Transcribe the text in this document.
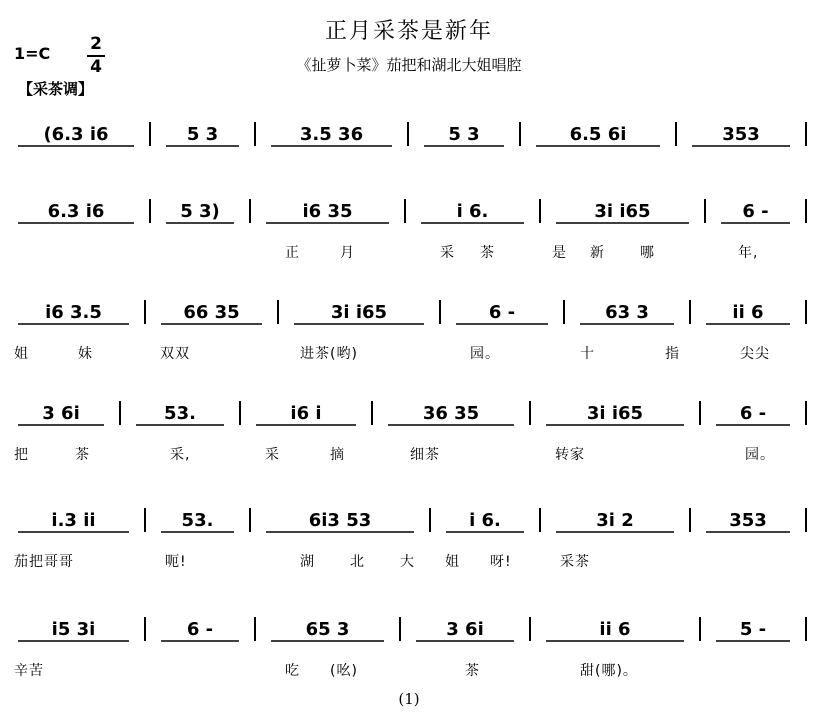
正月采茶是新年
《扯萝卜菜》茄把和湖北大姐唱腔
1=C 2
4
【采茶调】
(1)
(6.3 i6	5 3	3.5 36	5 3	6.5 6i	353
6.3 i6	5 3)	i6 35	i 6.	3i i65	6 -
正	月	采 茶	是 新	哪	年,
i6 3.5	66 35	3i i65	6 -	63 3	ii 6
姐	妹	双双	进茶(哟)	园。	十	指	尖尖
3 6i	53.	i6 i	36 35	3i i65	6 -
把	茶	采,	采	摘	细茶	转家	园。
i.3 ii	53.	6i3 53	i 6.	3i 2	353
茄把哥哥	呃!	湖	北	大 姐 呀!	采茶
i5 3i	6 -	65 3	3 6i	ii 6	5 -
辛苦	吃 (吆)	茶	甜(哪)。
